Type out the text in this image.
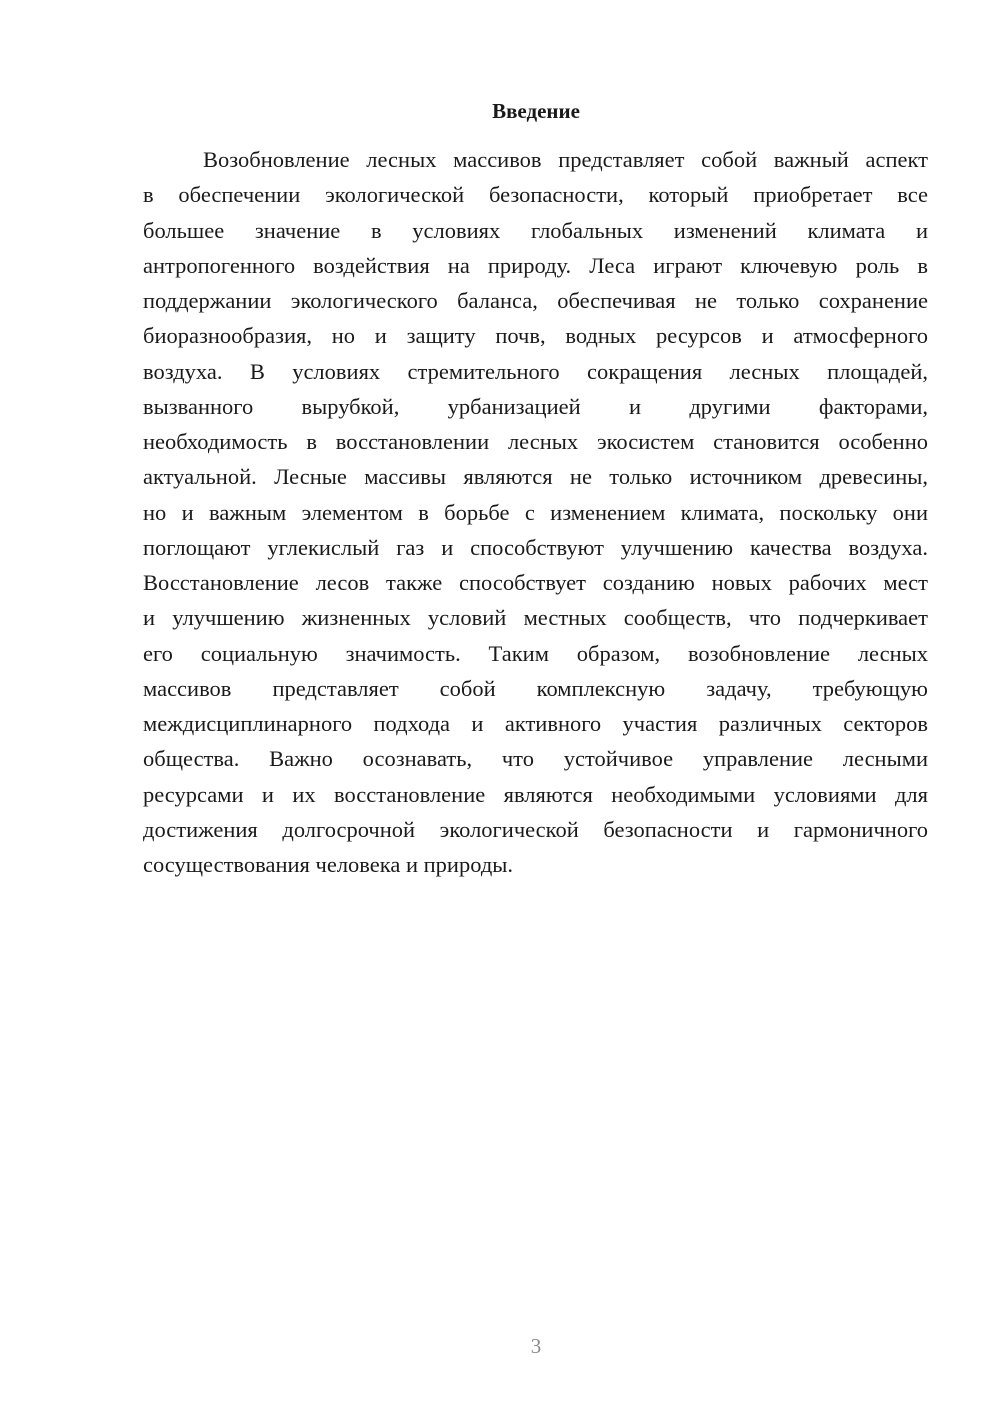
Введение
Возобновление лесных массивов представляет собой важный аспект
в обеспечении экологической безопасности, который приобретает все
большее значение в условиях глобальных изменений климата и
антропогенного воздействия на природу. Леса играют ключевую роль в
поддержании экологического баланса, обеспечивая не только сохранение
биоразнообразия, но и защиту почв, водных ресурсов и атмосферного
воздуха. В условиях стремительного сокращения лесных площадей,
вызванного вырубкой, урбанизацией и другими факторами,
необходимость в восстановлении лесных экосистем становится особенно
актуальной. Лесные массивы являются не только источником древесины,
но и важным элементом в борьбе с изменением климата, поскольку они
поглощают углекислый газ и способствуют улучшению качества воздуха.
Восстановление лесов также способствует созданию новых рабочих мест
и улучшению жизненных условий местных сообществ, что подчеркивает
его социальную значимость. Таким образом, возобновление лесных
массивов представляет собой комплексную задачу, требующую
междисциплинарного подхода и активного участия различных секторов
общества. Важно осознавать, что устойчивое управление лесными
ресурсами и их восстановление являются необходимыми условиями для
достижения долгосрочной экологической безопасности и гармоничного
сосуществования человека и природы.
3
